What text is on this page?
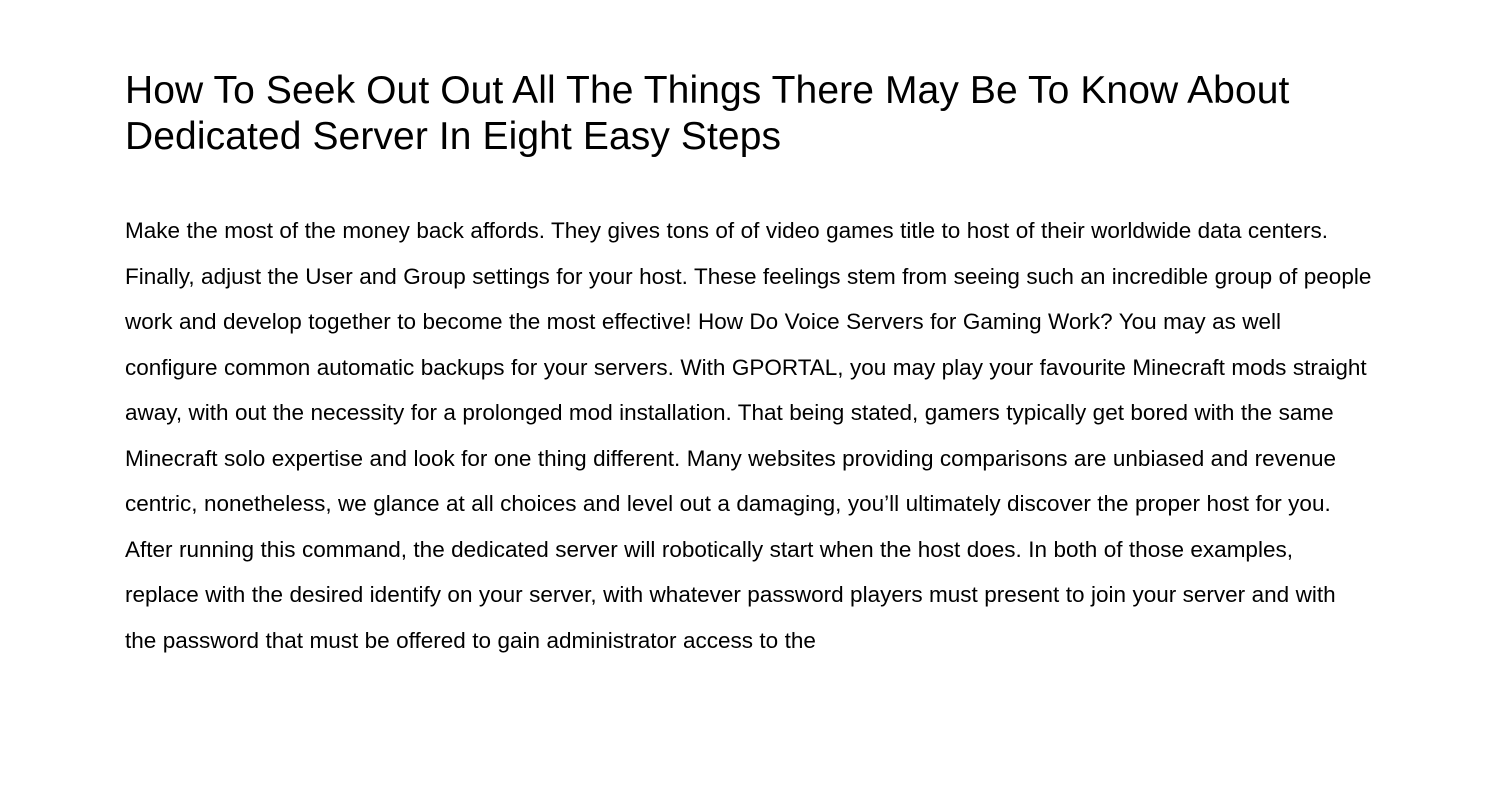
How To Seek Out Out All The Things There May Be To Know About Dedicated Server In Eight Easy Steps

Make the most of the money back affords. They gives tons of of video games title to host of their worldwide data centers. Finally, adjust the User and Group settings for your host. These feelings stem from seeing such an incredible group of people work and develop together to become the most effective! How Do Voice Servers for Gaming Work? You may as well configure common automatic backups for your servers. With GPORTAL, you may play your favourite Minecraft mods straight away, with out the necessity for a prolonged mod installation. That being stated, gamers typically get bored with the same Minecraft solo expertise and look for one thing different. Many websites providing comparisons are unbiased and revenue centric, nonetheless, we glance at all choices and level out a damaging, you’ll ultimately discover the proper host for you. After running this command, the dedicated server will robotically start when the host does. In both of those examples, replace with the desired identify on your server, with whatever password players must present to join your server and with the password that must be offered to gain administrator access to the
